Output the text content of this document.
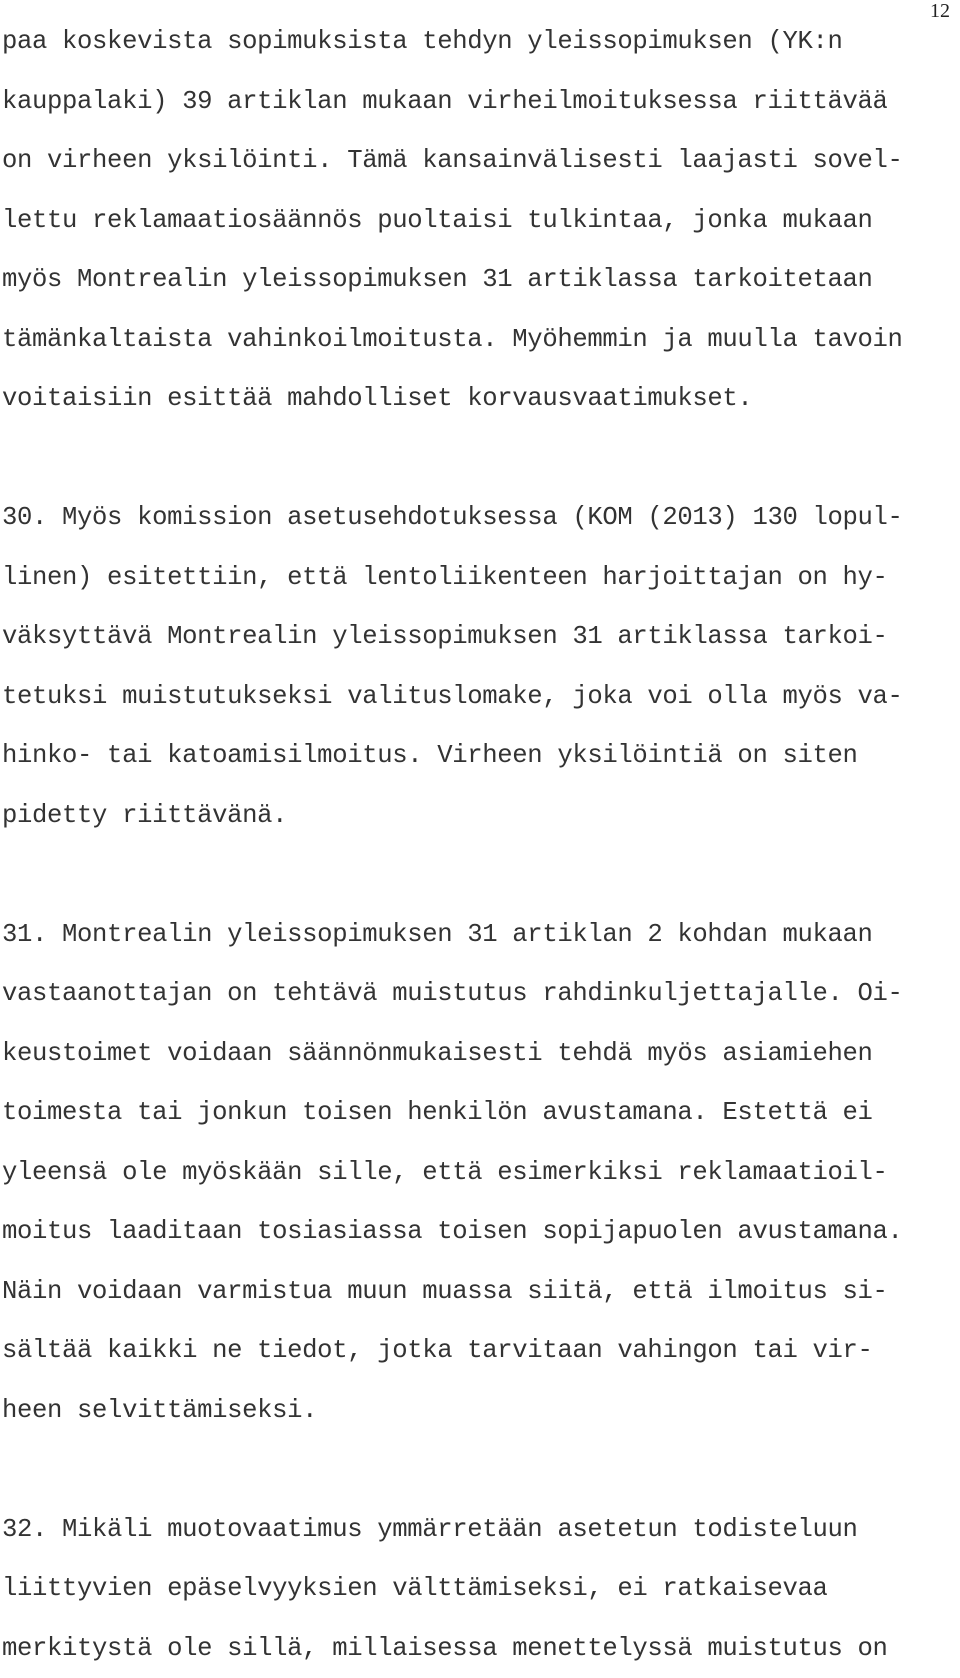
12
paa koskevista sopimuksista tehdyn yleissopimuksen (YK:n
kauppalaki) 39 artiklan mukaan virheilmoituksessa riittävää
on virheen yksilöinti. Tämä kansainvälisesti laajasti sovel-
lettu reklamaatiosäännös puoltaisi tulkintaa, jonka mukaan
myös Montrealin yleissopimuksen 31 artiklassa tarkoitetaan
tämänkaltaista vahinkoilmoitusta. Myöhemmin ja muulla tavoin
voitaisiin esittää mahdolliset korvausvaatimukset.
30. Myös komission asetusehdotuksessa (KOM (2013) 130 lopul-
linen) esitettiin, että lentoliikenteen harjoittajan on hy-
väksyttävä Montrealin yleissopimuksen 31 artiklassa tarkoi-
tetuksi muistutukseksi valituslomake, joka voi olla myös va-
hinko- tai katoamisilmoitus. Virheen yksilöintiä on siten
pidetty riittävänä.
31. Montrealin yleissopimuksen 31 artiklan 2 kohdan mukaan
vastaanottajan on tehtävä muistutus rahdinkuljettajalle. Oi-
keustoimet voidaan säännönmukaisesti tehdä myös asiamiehen
toimesta tai jonkun toisen henkilön avustamana. Estettä ei
yleensä ole myöskään sille, että esimerkiksi reklamaatioil-
moitus laaditaan tosiasiassa toisen sopijapuolen avustamana.
Näin voidaan varmistua muun muassa siitä, että ilmoitus si-
sältää kaikki ne tiedot, jotka tarvitaan vahingon tai vir-
heen selvittämiseksi.
32. Mikäli muotovaatimus ymmärretään asetetun todisteluun
liittyvien epäselvyyksien välttämiseksi, ei ratkaisevaa
merkitystä ole sillä, millaisessa menettelyssä muistutus on
